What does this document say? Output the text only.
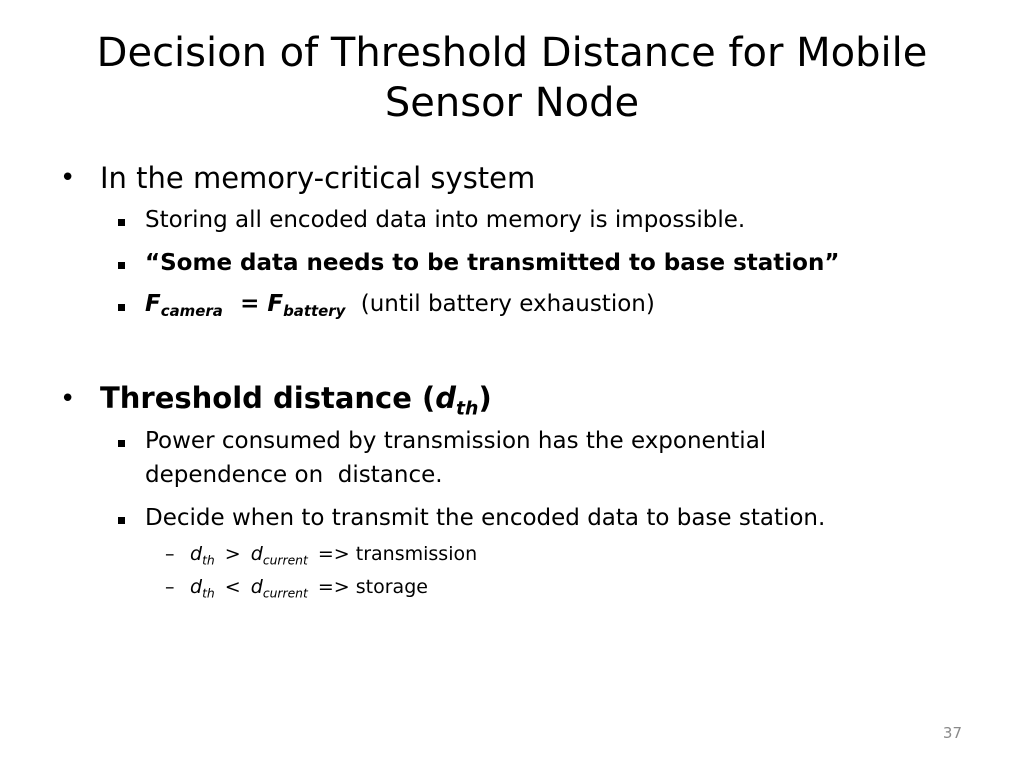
Decision of Threshold Distance for Mobile
Sensor Node
• In the memory-critical system
Storing all encoded data into memory is impossible.
“Some data needs to be transmitted to base station”
$F_{camera} = F_{battery}$ (until battery exhaustion)
• Threshold distance $(d_{th})$
Power consumed by transmission has the exponential
dependence on  distance.
Decide when to transmit the encoded data to base station.
– $d_{th} > d_{current}$ => transmission
– $d_{th} < d_{current}$ => storage
37
